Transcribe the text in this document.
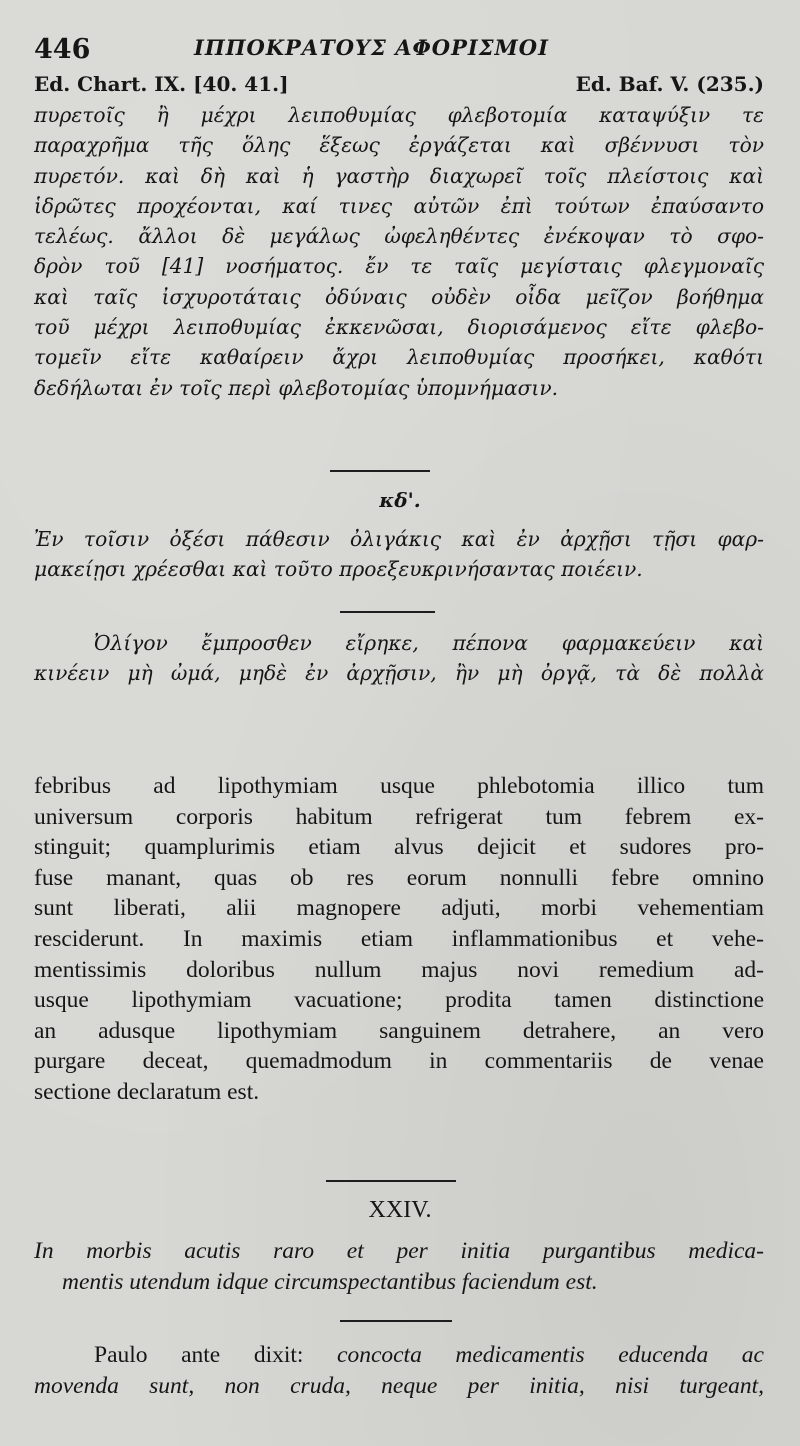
446	ΙΠΠΟΚΡΑΤΟΥΣ ΑΦΟΡΙΣΜΟΙ
Ed. Chart. IX. [40. 41.]	Ed. Baf. V. (235.)
πυρετοῖς ἢ μέχρι λειποθυμίας φλεβοτομία καταψύξιν τε
παραχρῆμα τῆς ὅλης ἕξεως ἐργάζεται καὶ σβέννυσι τὸν
πυρετόν. καὶ δὴ καὶ ἡ γαστὴρ διαχωρεῖ τοῖς πλείστοις καὶ
ἱδρῶτες προχέονται, καί τινες αὐτῶν ἐπὶ τούτων ἐπαύσαντο
τελέως. ἄλλοι δὲ μεγάλως ὠφεληθέντες ἐνέκοψαν τὸ σφο-
δρὸν τοῦ [41] νοσήματος. ἔν τε ταῖς μεγίσταις φλεγμοναῖς
καὶ ταῖς ἰσχυροτάταις ὀδύναις οὐδὲν οἶδα μεῖζον βοήθημα
τοῦ μέχρι λειποθυμίας ἐκκενῶσαι, διορισάμενος εἴτε φλεβο-
τομεῖν εἴτε καθαίρειν ἄχρι λειποθυμίας προσήκει, καθότι
δεδήλωται ἐν τοῖς περὶ φλεβοτομίας ὑπομνήμασιν.
κδ'.
Ἐν τοῖσιν ὀξέσι πάθεσιν ὀλιγάκις καὶ ἐν ἀρχῇσι τῇσι φαρ-
μακείῃσι χρέεσθαι καὶ τοῦτο προεξευκρινήσαντας ποιέειν.
Ὀλίγον ἔμπροσθεν εἴρηκε, πέπονα φαρμακεύειν καὶ
κινέειν μὴ ὠμά, μηδὲ ἐν ἀρχῇσιν, ἢν μὴ ὀργᾷ, τὰ δὲ πολλὰ
febribus ad lipothymiam usque phlebotomia illico tum
universum corporis habitum refrigerat tum febrem ex-
stinguit; quamplurimis etiam alvus dejicit et sudores pro-
fuse manant, quas ob res eorum nonnulli febre omnino
sunt liberati, alii magnopere adjuti, morbi vehementiam
resciderunt. In maximis etiam inflammationibus et vehe-
mentissimis doloribus nullum majus novi remedium ad-
usque lipothymiam vacuatione; prodita tamen distinctione
an adusque lipothymiam sanguinem detrahere, an vero
purgare deceat, quemadmodum in commentariis de venae
sectione declaratum est.
XXIV.
In morbis acutis raro et per initia purgantibus medica-
mentis utendum idque circumspectantibus faciendum est.
Paulo ante dixit: concocta medicamentis educenda ac
movenda sunt, non cruda, neque per initia, nisi turgeant,
